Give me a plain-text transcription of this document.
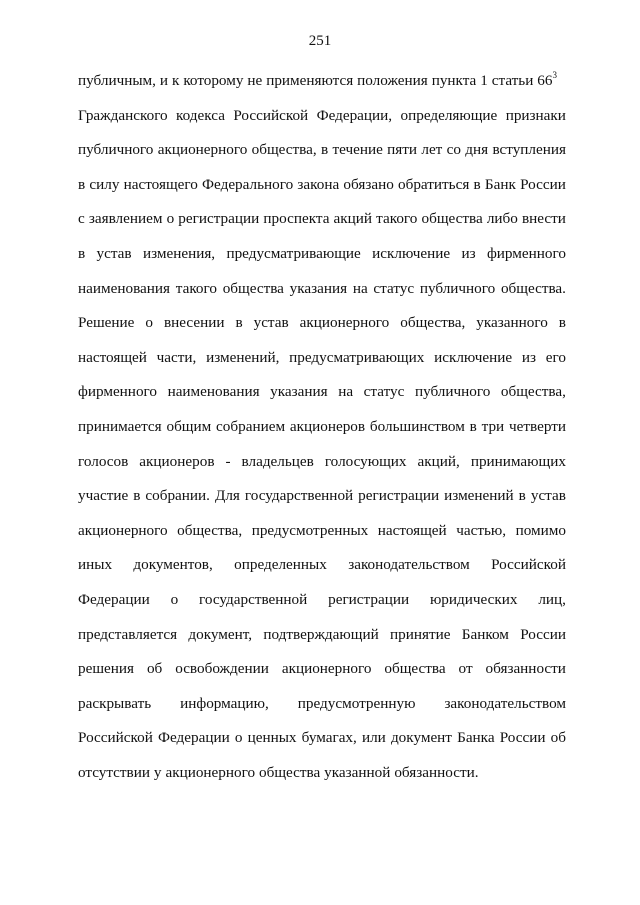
251
публичным, и к которому не применяются положения пункта 1 статьи $66^3$
Гражданского кодекса Российской Федерации, определяющие признаки
публичного акционерного общества, в течение пяти лет со дня вступления
в силу настоящего Федерального закона обязано обратиться в Банк России
с заявлением о регистрации проспекта акций такого общества либо внести
в устав изменения, предусматривающие исключение из фирменного
наименования такого общества указания на статус публичного общества.
Решение о внесении в устав акционерного общества, указанного в
настоящей части, изменений, предусматривающих исключение из его
фирменного наименования указания на статус публичного общества,
принимается общим собранием акционеров большинством в три четверти
голосов акционеров - владельцев голосующих акций, принимающих
участие в собрании. Для государственной регистрации изменений в устав
акционерного общества, предусмотренных настоящей частью, помимо
иных документов, определенных законодательством Российской
Федерации о государственной регистрации юридических лиц,
представляется документ, подтверждающий принятие Банком России
решения об освобождении акционерного общества от обязанности
раскрывать информацию, предусмотренную законодательством
Российской Федерации о ценных бумагах, или документ Банка России об
отсутствии у акционерного общества указанной обязанности.
